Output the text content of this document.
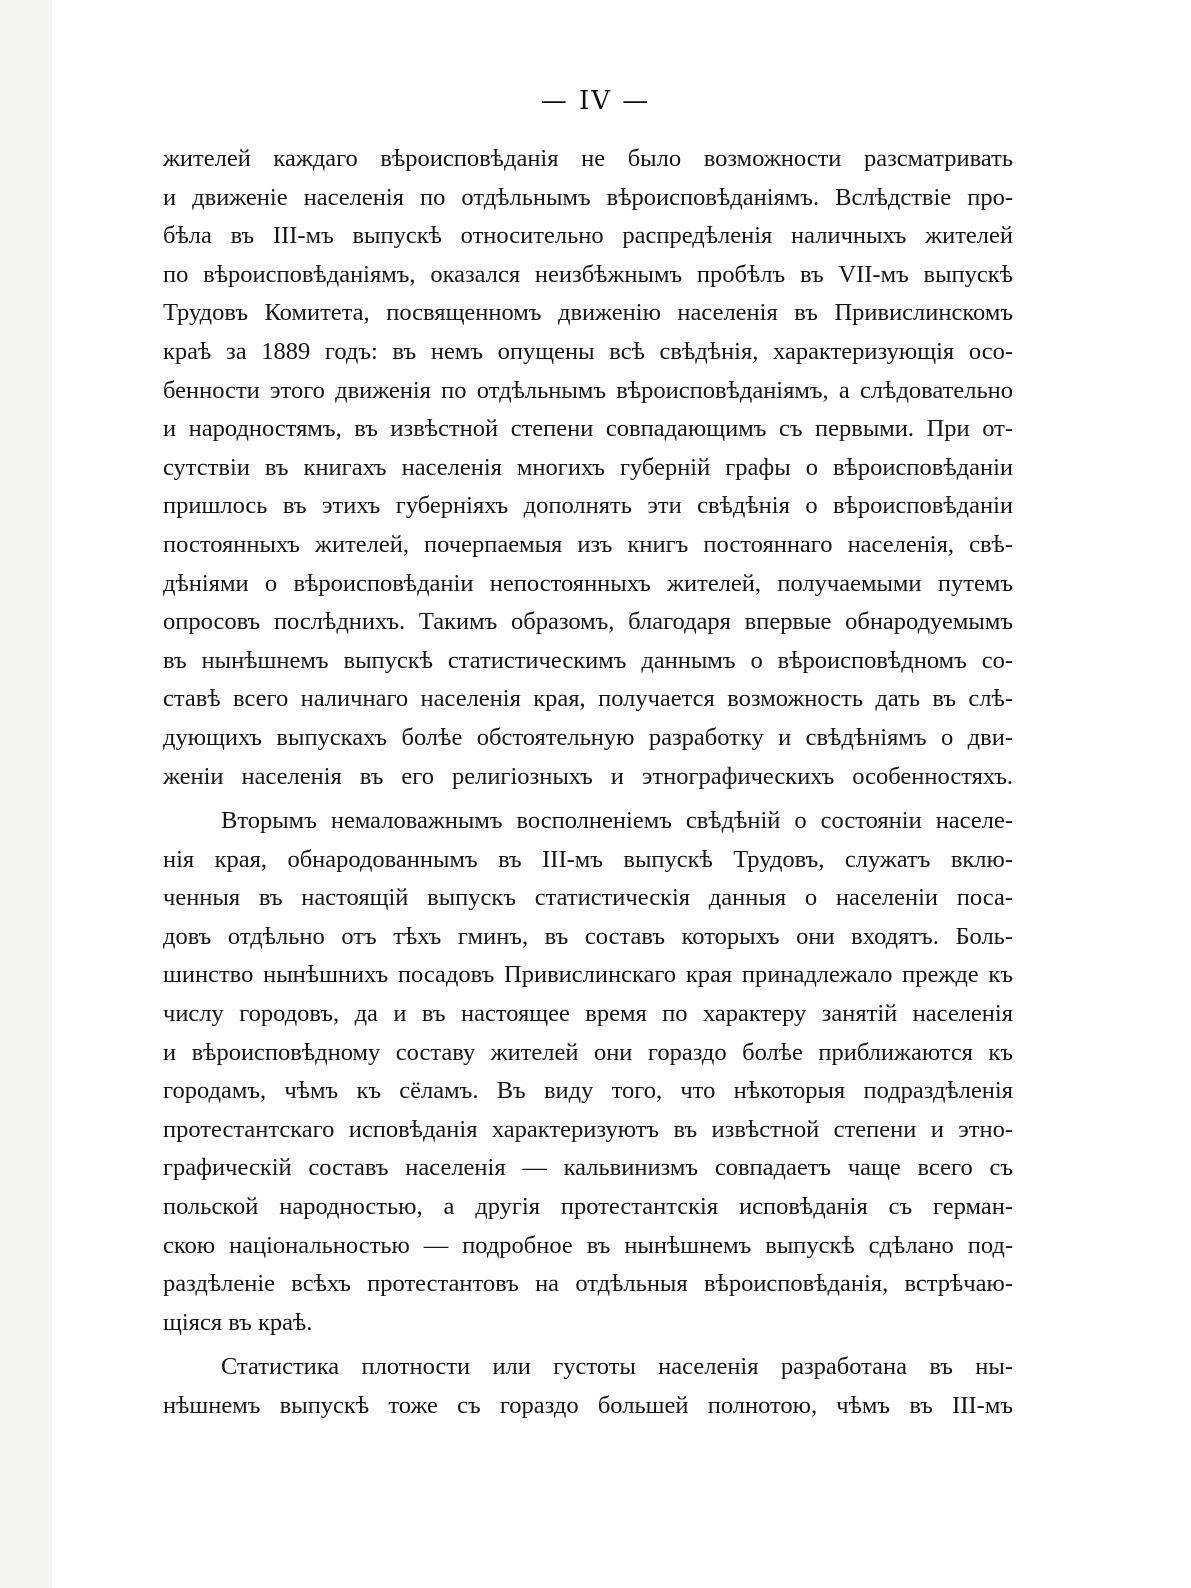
— IV —
жителей каждаго вѣроисповѣданія не было возможности разсматривать
и движеніе населенія по отдѣльнымъ вѣроисповѣданіямъ. Вслѣдствіе про-
бѣла въ III-мъ выпускѣ относительно распредѣленія наличныхъ жителей
по вѣроисповѣданіямъ, оказался неизбѣжнымъ пробѣлъ въ VII-мъ выпускѣ
Трудовъ Комитета, посвященномъ движенію населенія въ Привислинскомъ
краѣ за 1889 годъ: въ немъ опущены всѣ свѣдѣнія, характеризующія осо-
бенности этого движенія по отдѣльнымъ вѣроисповѣданіямъ, а слѣдовательно
и народностямъ, въ извѣстной степени совпадающимъ съ первыми. При от-
сутствіи въ книгахъ населенія многихъ губерній графы о вѣроисповѣданіи
пришлось въ этихъ губерніяхъ дополнять эти свѣдѣнія о вѣроисповѣданіи
постоянныхъ жителей, почерпаемыя изъ книгъ постояннаго населенія, свѣ-
дѣніями о вѣроисповѣданіи непостоянныхъ жителей, получаемыми путемъ
опросовъ послѣднихъ. Такимъ образомъ, благодаря впервые обнародуемымъ
въ нынѣшнемъ выпускѣ статистическимъ даннымъ о вѣроисповѣдномъ со-
ставѣ всего наличнаго населенія края, получается возможность дать въ слѣ-
дующихъ выпускахъ болѣе обстоятельную разработку и свѣдѣніямъ о дви-
женіи населенія въ его религіозныхъ и этнографическихъ особенностяхъ.
Вторымъ немаловажнымъ восполненіемъ свѣдѣній о состояніи населе-
нія края, обнародованнымъ въ III-мъ выпускѣ Трудовъ, служатъ вклю-
ченныя въ настоящій выпускъ статистическія данныя о населеніи поса-
довъ отдѣльно отъ тѣхъ гминъ, въ составъ которыхъ они входятъ. Боль-
шинство нынѣшнихъ посадовъ Привислинскаго края принадлежало прежде къ
числу городовъ, да и въ настоящее время по характеру занятій населенія
и вѣроисповѣдному составу жителей они гораздо болѣе приближаются къ
городамъ, чѣмъ къ сёламъ. Въ виду того, что нѣкоторыя подраздѣленія
протестантскаго исповѣданія характеризуютъ въ извѣстной степени и этно-
графическій составъ населенія — кальвинизмъ совпадаетъ чаще всего съ
польской народностью, а другія протестантскія исповѣданія съ герман-
скою національностью — подробное въ нынѣшнемъ выпускѣ сдѣлано под-
раздѣленіе всѣхъ протестантовъ на отдѣльныя вѣроисповѣданія, встрѣчаю-
щіяся въ краѣ.
Статистика плотности или густоты населенія разработана въ ны-
нѣшнемъ выпускѣ тоже съ гораздо большей полнотою, чѣмъ въ III-мъ
